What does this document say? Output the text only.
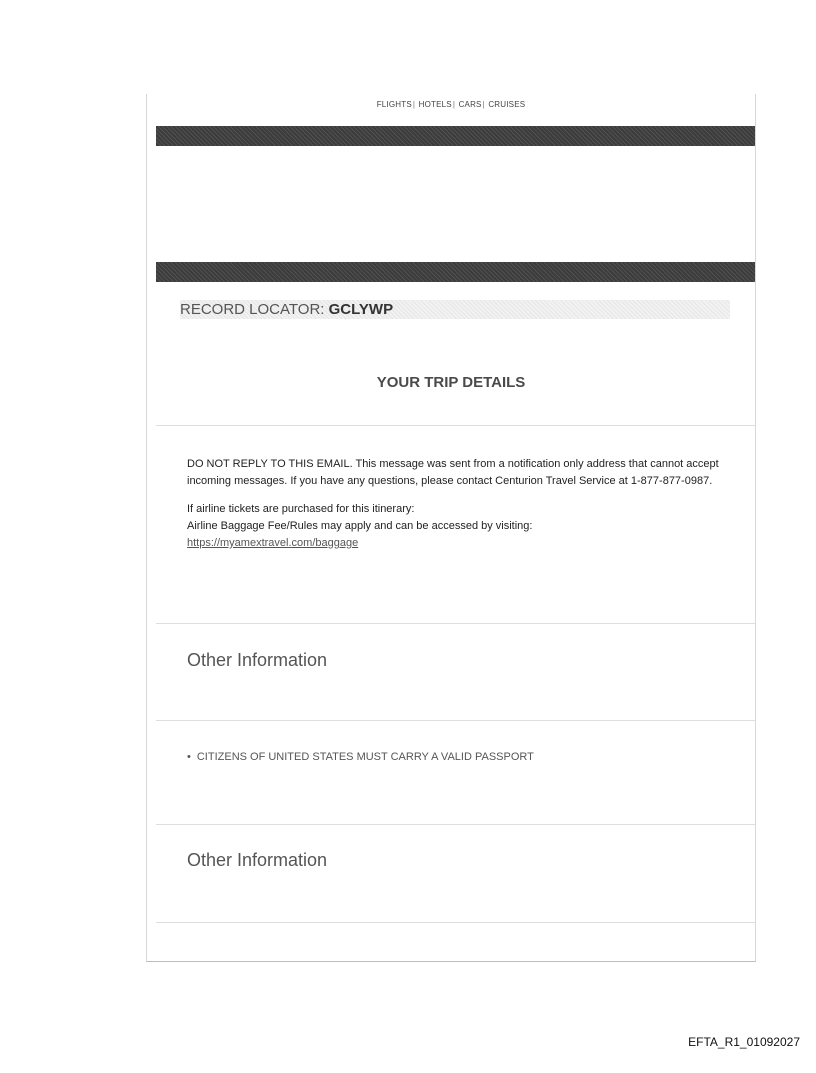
FLIGHTS| HOTELS| CARS| CRUISES
RECORD LOCATOR: GCLYWP
YOUR TRIP DETAILS

DO NOT REPLY TO THIS EMAIL. This message was sent from a notification only address that cannot accept incoming messages. If you have any questions, please contact Centurion Travel Service at 1-877-877-0987.

If airline tickets are purchased for this itinerary:
Airline Baggage Fee/Rules may apply and can be accessed by visiting:
https://myamextravel.com/baggage
Other Information
• CITIZENS OF UNITED STATES MUST CARRY A VALID PASSPORT
Other Information
EFTA_R1_01092027
